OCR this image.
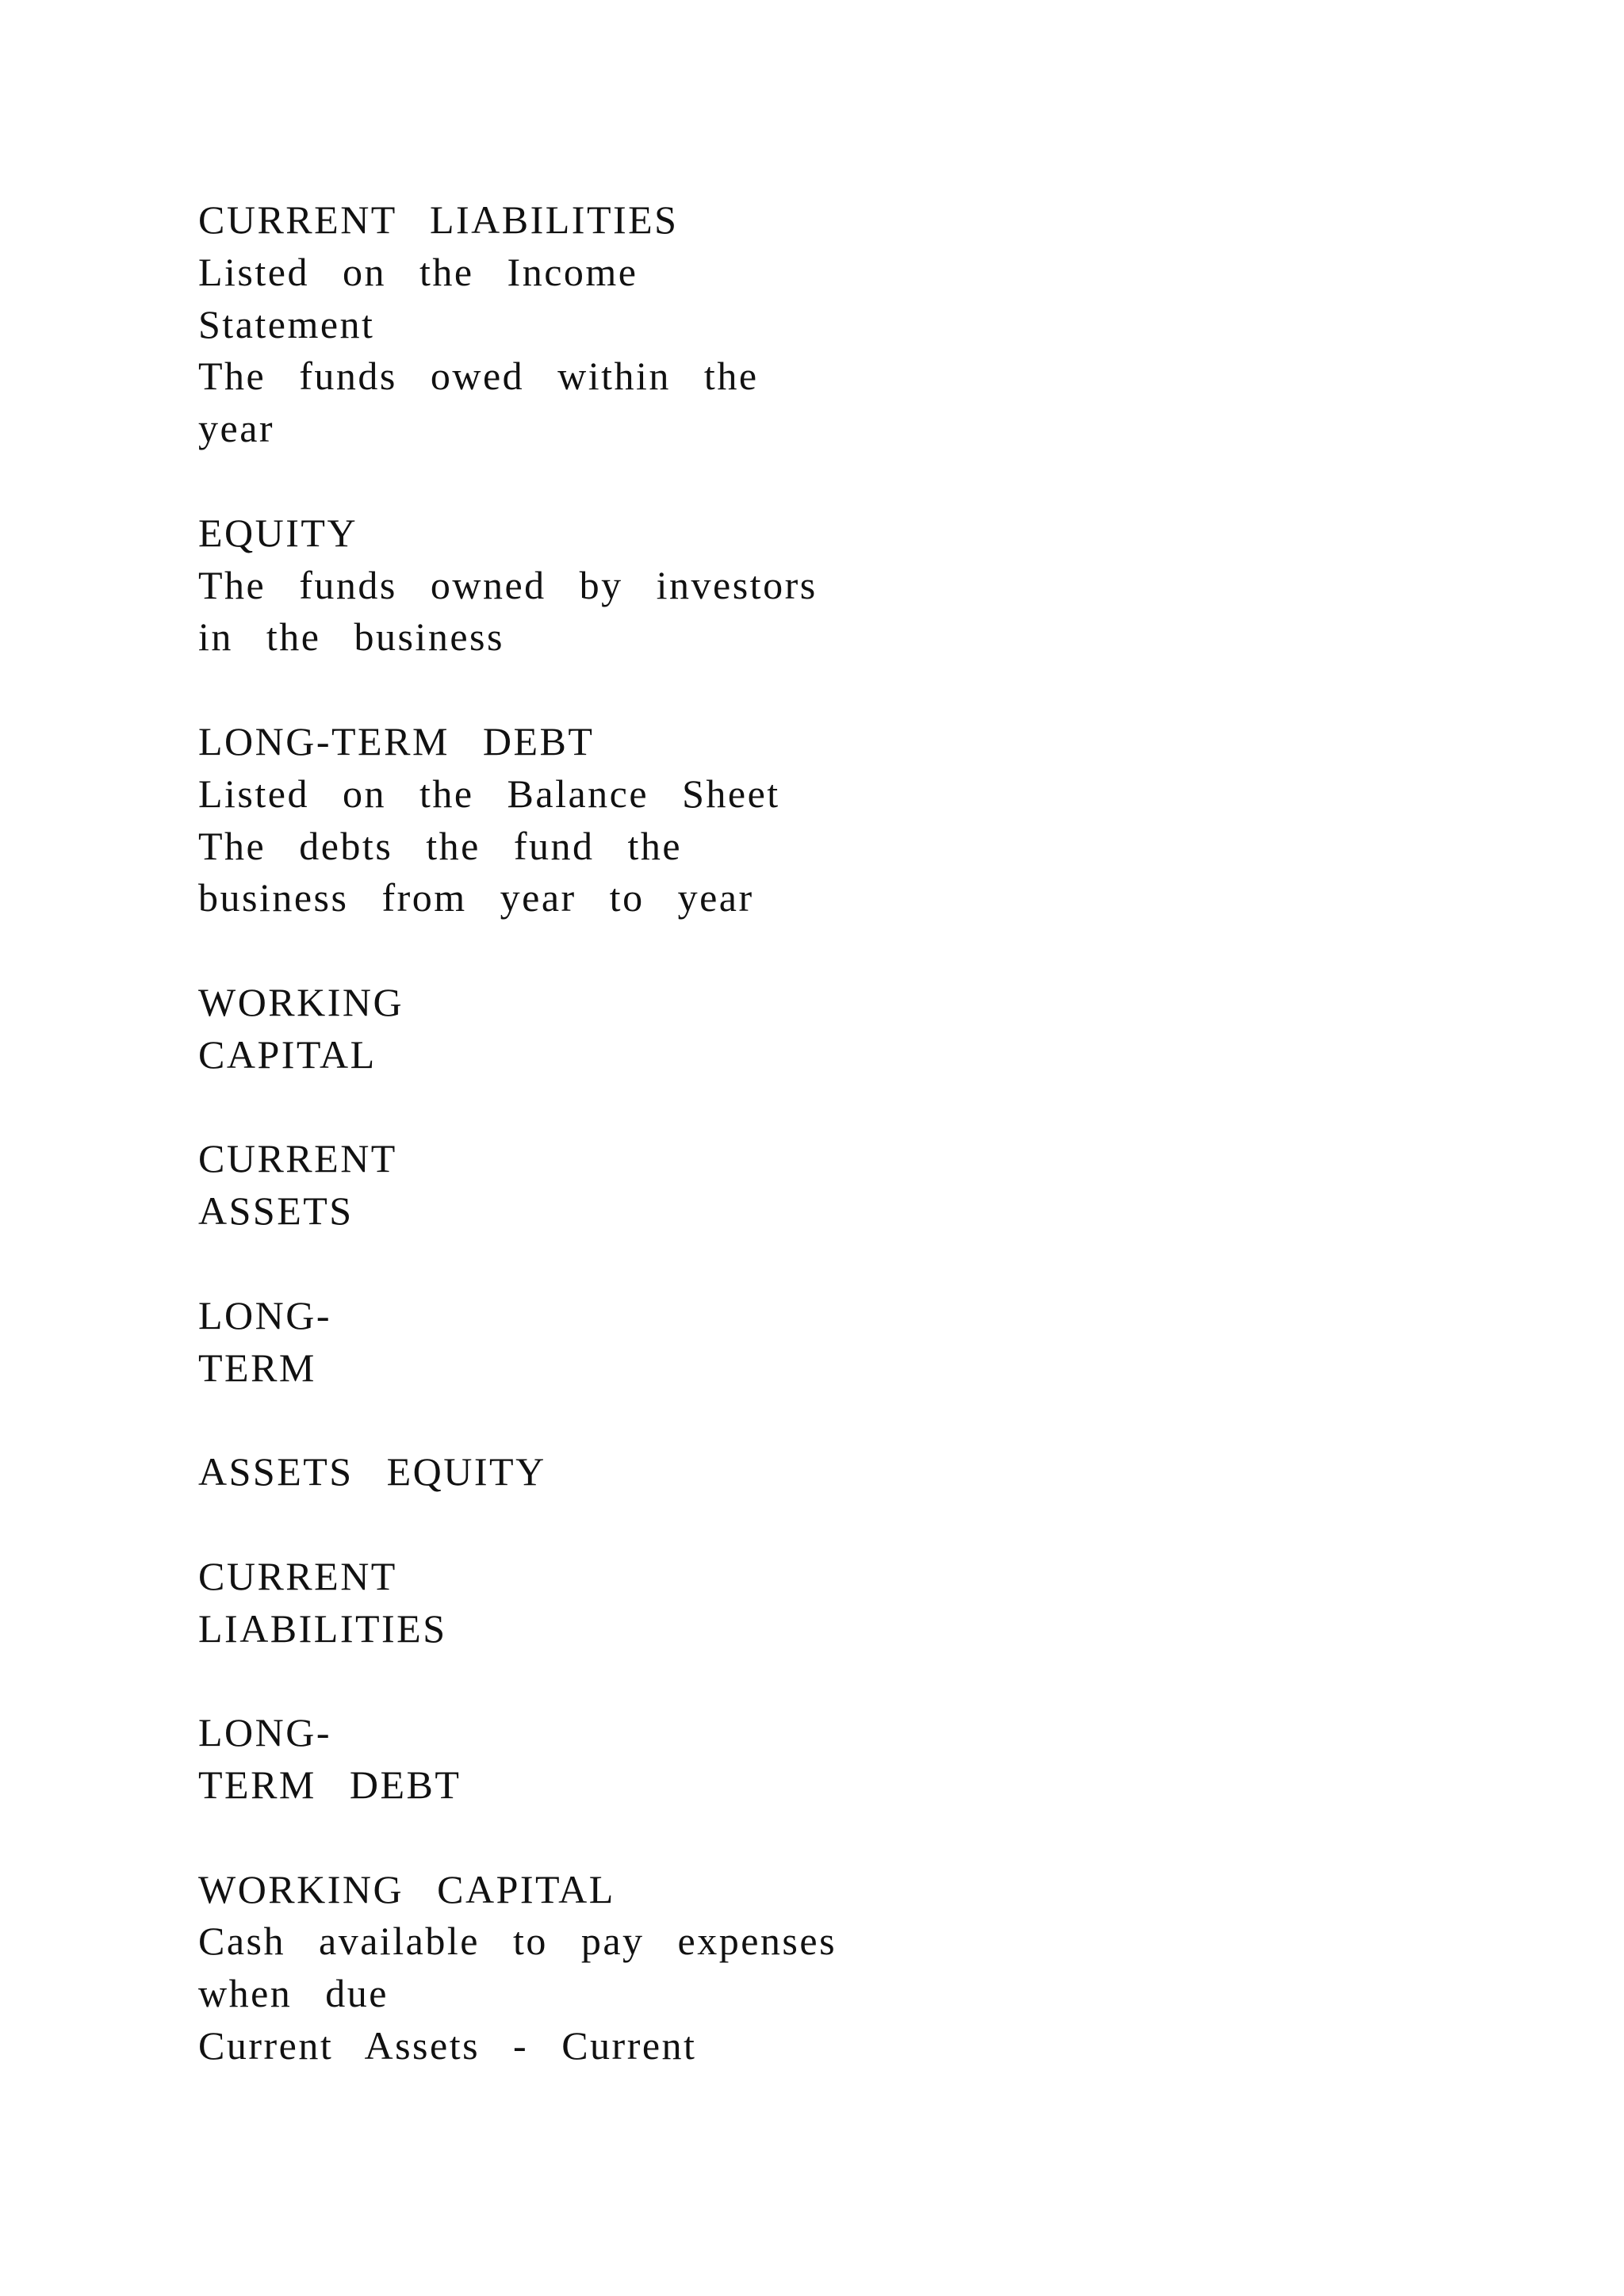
CURRENT  LIABILITIES
Listed  on  the  Income
Statement
The  funds  owed  within  the
year
EQUITY
The  funds  owned  by  investors
in  the  business
LONG-TERM  DEBT
Listed  on  the  Balance  Sheet
The  debts  the  fund  the
business  from  year  to  year
WORKING
CAPITAL
CURRENT
ASSETS
LONG-
TERM
ASSETS  EQUITY
CURRENT
LIABILITIES
LONG-
TERM  DEBT
WORKING  CAPITAL
Cash  available  to  pay  expenses
when  due
Current  Assets  -  Current
